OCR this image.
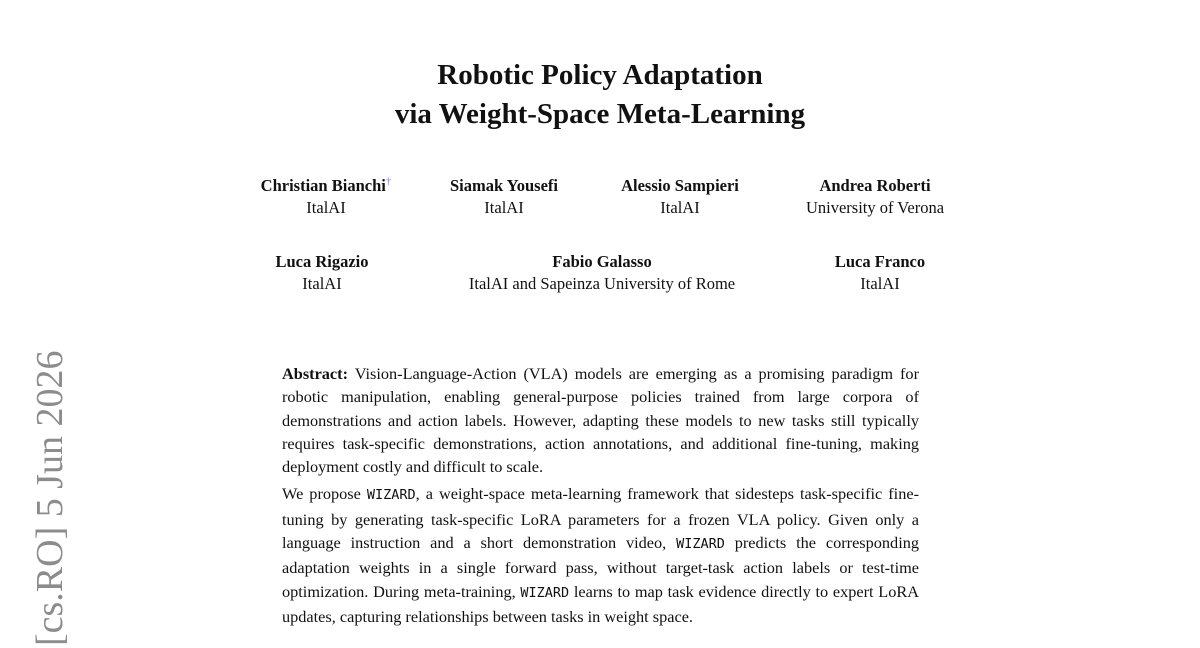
Robotic Policy Adaptation
via Weight-Space Meta-Learning
Christian Bianchi†
ItalAI
Siamak Yousefi
ItalAI
Alessio Sampieri
ItalAI
Andrea Roberti
University of Verona
Luca Rigazio
ItalAI
Fabio Galasso
ItalAI and Sapeinza University of Rome
Luca Franco
ItalAI

Abstract: Vision-Language-Action (VLA) models are emerging as a promising paradigm for robotic manipulation, enabling general-purpose policies trained from large corpora of demonstrations and action labels. However, adapting these models to new tasks still typically requires task-specific demonstrations, action annotations, and additional fine-tuning, making deployment costly and difficult to scale.

We propose WIZARD, a weight-space meta-learning framework that sidesteps task-specific fine-tuning by generating task-specific LoRA parameters for a frozen VLA policy. Given only a language instruction and a short demonstration video, WIZARD predicts the corresponding adaptation weights in a single forward pass, without target-task action labels or test-time optimization. During meta-training, WIZARD learns to map task evidence directly to expert LoRA updates, capturing relationships between tasks in weight space.

[cs.RO] 5 Jun 2026
